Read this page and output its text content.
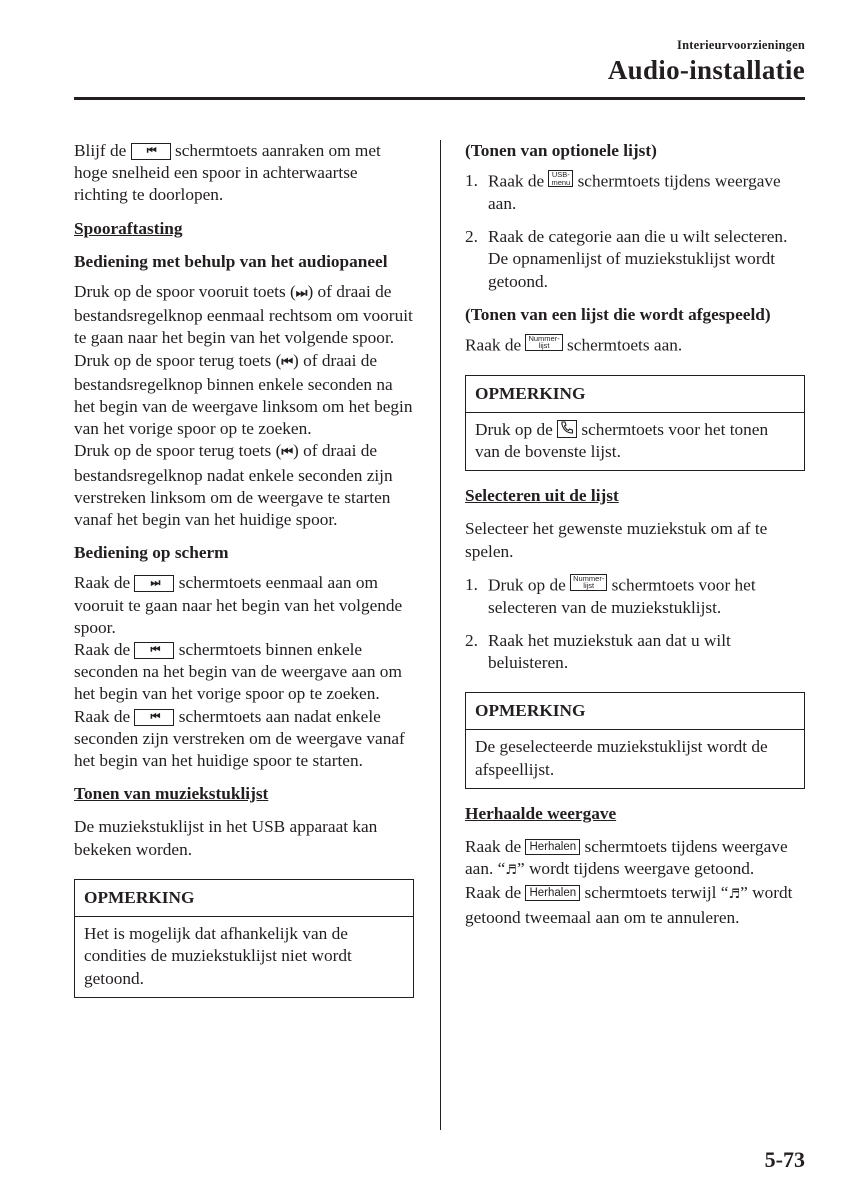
Interieurvoorzieningen
Audio-installatie

Blijf de ⏮ schermtoets aanraken om met hoge snelheid een spoor in achterwaartse richting te doorlopen.

Spooraftasting
Bediening met behulp van het audiopaneel

Druk op de spoor vooruit toets (⏭) of draai de bestandsregelknop eenmaal rechtsom om vooruit te gaan naar het begin van het volgende spoor.

Druk op de spoor terug toets (⏮) of draai de bestandsregelknop binnen enkele seconden na het begin van de weergave linksom om het begin van het vorige spoor op te zoeken.

Druk op de spoor terug toets (⏮) of draai de bestandsregelknop nadat enkele seconden zijn verstreken linksom om de weergave te starten vanaf het begin van het huidige spoor.

Bediening op scherm

Raak de ⏭ schermtoets eenmaal aan om vooruit te gaan naar het begin van het volgende spoor.

Raak de ⏮ schermtoets binnen enkele seconden na het begin van de weergave aan om het begin van het vorige spoor op te zoeken.

Raak de ⏮ schermtoets aan nadat enkele seconden zijn verstreken om de weergave vanaf het begin van het huidige spoor te starten.

Tonen van muziekstuklijst

De muziekstuklijst in het USB apparaat kan bekeken worden.

OPMERKING
Het is mogelijk dat afhankelijk van de condities de muziekstuklijst niet wordt getoond.
(Tonen van optionele lijst)
1. Raak de USB-
menu schermtoets tijdens weergave aan.
2. Raak de categorie aan die u wilt selecteren. De opnamenlijst of muziekstuklijst wordt getoond.
(Tonen van een lijst die wordt afgespeeld)

Raak de Nummer-
lijst schermtoets aan.

OPMERKING
Druk op de schermtoets voor het tonen van de bovenste lijst.
Selecteren uit de lijst

Selecteer het gewenste muziekstuk om af te spelen.

1. Druk op de Nummer-
lijst schermtoets voor het selecteren van de muziekstuklijst.
2. Raak het muziekstuk aan dat u wilt beluisteren.
OPMERKING
De geselecteerde muziekstuklijst wordt de afspeellijst.
Herhaalde weergave

Raak de Herhalen schermtoets tijdens weergave aan. “♬” wordt tijdens weergave getoond.

Raak de Herhalen schermtoets terwijl “♬” wordt getoond tweemaal aan om te annuleren.

5-73
